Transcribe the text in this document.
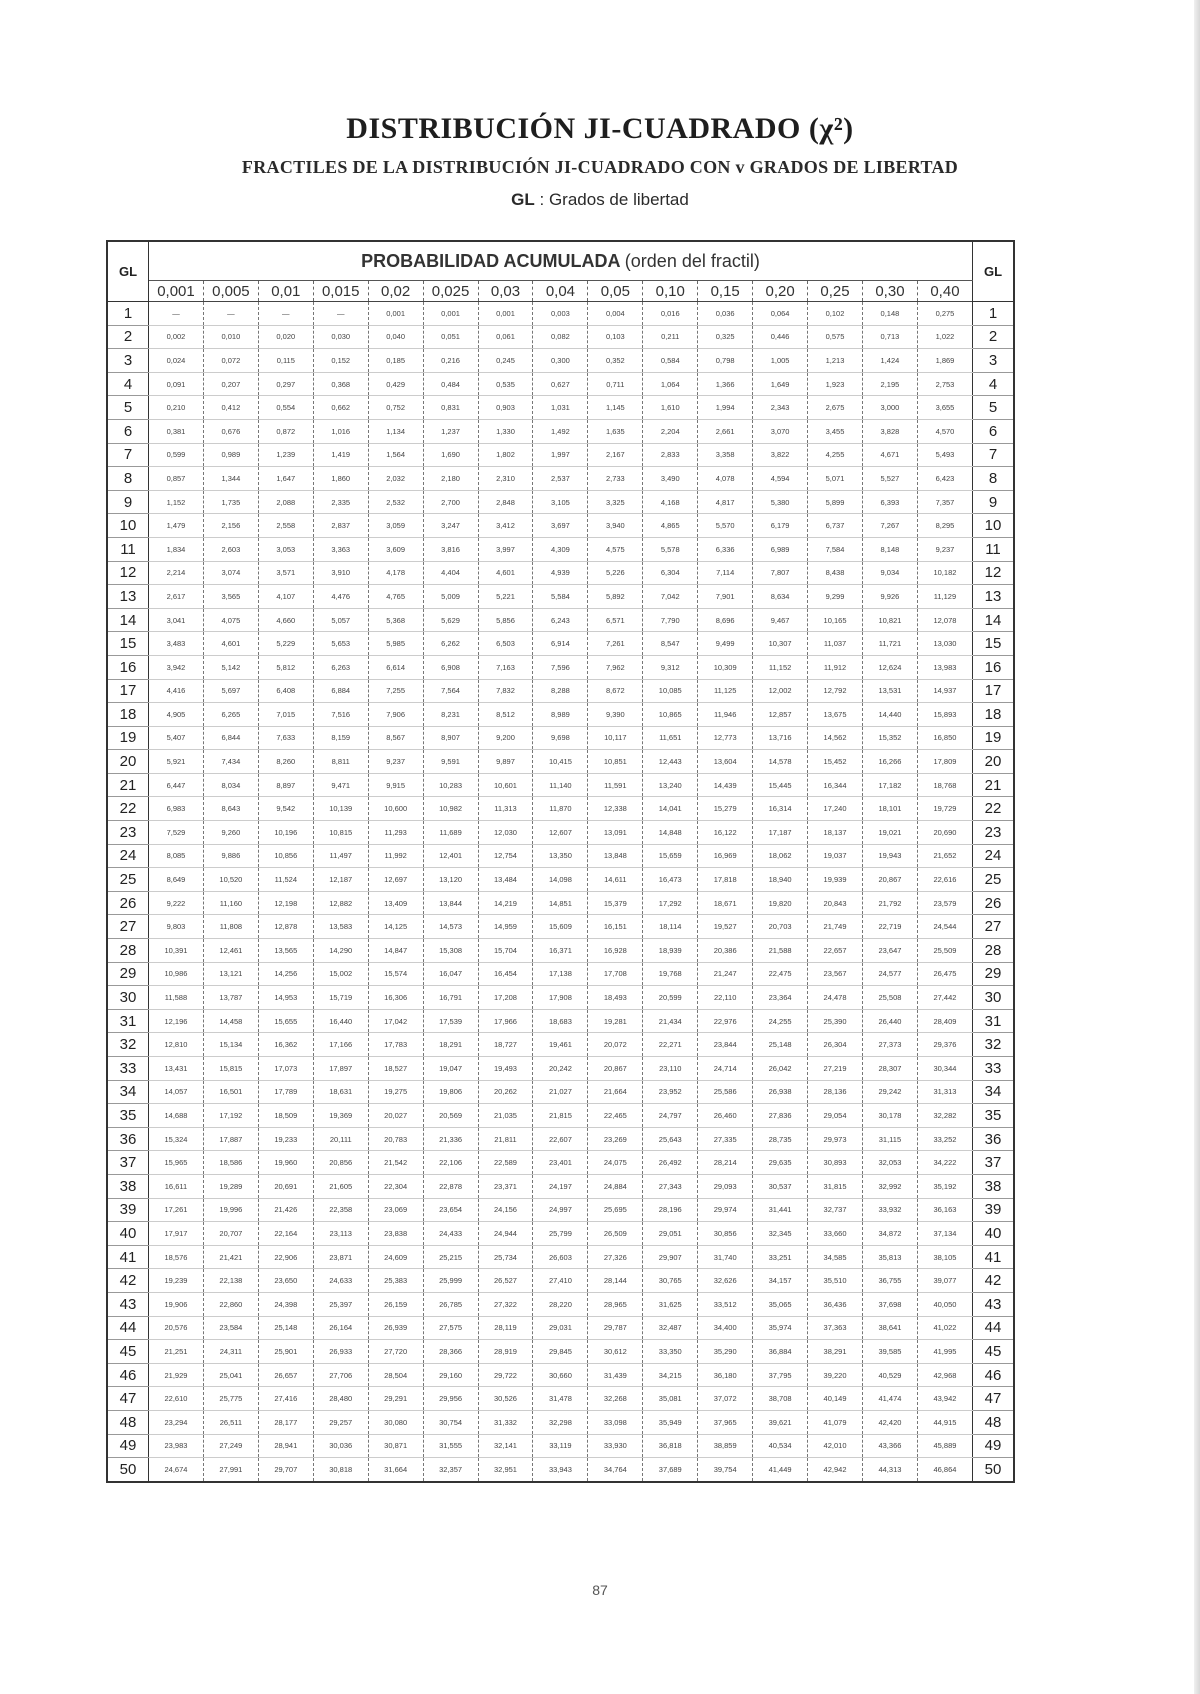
DISTRIBUCIÓN JI-CUADRADO (χ²)
FRACTILES DE LA DISTRIBUCIÓN JI-CUADRADO CON v GRADOS DE LIBERTAD
GL : Grados de libertad
GL	PROBABILIDAD ACUMULADA (orden del fractil)															GL
	0,001	0,005	0,01	0,015	0,02	0,025	0,03	0,04	0,05	0,10	0,15	0,20	0,25	0,30	0,40	
1	—	—	—	—	0,001	0,001	0,001	0,003	0,004	0,016	0,036	0,064	0,102	0,148	0,275	1
2	0,002	0,010	0,020	0,030	0,040	0,051	0,061	0,082	0,103	0,211	0,325	0,446	0,575	0,713	1,022	2
3	0,024	0,072	0,115	0,152	0,185	0,216	0,245	0,300	0,352	0,584	0,798	1,005	1,213	1,424	1,869	3
4	0,091	0,207	0,297	0,368	0,429	0,484	0,535	0,627	0,711	1,064	1,366	1,649	1,923	2,195	2,753	4
5	0,210	0,412	0,554	0,662	0,752	0,831	0,903	1,031	1,145	1,610	1,994	2,343	2,675	3,000	3,655	5
6	0,381	0,676	0,872	1,016	1,134	1,237	1,330	1,492	1,635	2,204	2,661	3,070	3,455	3,828	4,570	6
7	0,599	0,989	1,239	1,419	1,564	1,690	1,802	1,997	2,167	2,833	3,358	3,822	4,255	4,671	5,493	7
8	0,857	1,344	1,647	1,860	2,032	2,180	2,310	2,537	2,733	3,490	4,078	4,594	5,071	5,527	6,423	8
9	1,152	1,735	2,088	2,335	2,532	2,700	2,848	3,105	3,325	4,168	4,817	5,380	5,899	6,393	7,357	9
10	1,479	2,156	2,558	2,837	3,059	3,247	3,412	3,697	3,940	4,865	5,570	6,179	6,737	7,267	8,295	10
11	1,834	2,603	3,053	3,363	3,609	3,816	3,997	4,309	4,575	5,578	6,336	6,989	7,584	8,148	9,237	11
12	2,214	3,074	3,571	3,910	4,178	4,404	4,601	4,939	5,226	6,304	7,114	7,807	8,438	9,034	10,182	12
13	2,617	3,565	4,107	4,476	4,765	5,009	5,221	5,584	5,892	7,042	7,901	8,634	9,299	9,926	11,129	13
14	3,041	4,075	4,660	5,057	5,368	5,629	5,856	6,243	6,571	7,790	8,696	9,467	10,165	10,821	12,078	14
15	3,483	4,601	5,229	5,653	5,985	6,262	6,503	6,914	7,261	8,547	9,499	10,307	11,037	11,721	13,030	15
16	3,942	5,142	5,812	6,263	6,614	6,908	7,163	7,596	7,962	9,312	10,309	11,152	11,912	12,624	13,983	16
17	4,416	5,697	6,408	6,884	7,255	7,564	7,832	8,288	8,672	10,085	11,125	12,002	12,792	13,531	14,937	17
18	4,905	6,265	7,015	7,516	7,906	8,231	8,512	8,989	9,390	10,865	11,946	12,857	13,675	14,440	15,893	18
19	5,407	6,844	7,633	8,159	8,567	8,907	9,200	9,698	10,117	11,651	12,773	13,716	14,562	15,352	16,850	19
20	5,921	7,434	8,260	8,811	9,237	9,591	9,897	10,415	10,851	12,443	13,604	14,578	15,452	16,266	17,809	20
21	6,447	8,034	8,897	9,471	9,915	10,283	10,601	11,140	11,591	13,240	14,439	15,445	16,344	17,182	18,768	21
22	6,983	8,643	9,542	10,139	10,600	10,982	11,313	11,870	12,338	14,041	15,279	16,314	17,240	18,101	19,729	22
23	7,529	9,260	10,196	10,815	11,293	11,689	12,030	12,607	13,091	14,848	16,122	17,187	18,137	19,021	20,690	23
24	8,085	9,886	10,856	11,497	11,992	12,401	12,754	13,350	13,848	15,659	16,969	18,062	19,037	19,943	21,652	24
25	8,649	10,520	11,524	12,187	12,697	13,120	13,484	14,098	14,611	16,473	17,818	18,940	19,939	20,867	22,616	25
26	9,222	11,160	12,198	12,882	13,409	13,844	14,219	14,851	15,379	17,292	18,671	19,820	20,843	21,792	23,579	26
27	9,803	11,808	12,878	13,583	14,125	14,573	14,959	15,609	16,151	18,114	19,527	20,703	21,749	22,719	24,544	27
28	10,391	12,461	13,565	14,290	14,847	15,308	15,704	16,371	16,928	18,939	20,386	21,588	22,657	23,647	25,509	28
29	10,986	13,121	14,256	15,002	15,574	16,047	16,454	17,138	17,708	19,768	21,247	22,475	23,567	24,577	26,475	29
30	11,588	13,787	14,953	15,719	16,306	16,791	17,208	17,908	18,493	20,599	22,110	23,364	24,478	25,508	27,442	30
31	12,196	14,458	15,655	16,440	17,042	17,539	17,966	18,683	19,281	21,434	22,976	24,255	25,390	26,440	28,409	31
32	12,810	15,134	16,362	17,166	17,783	18,291	18,727	19,461	20,072	22,271	23,844	25,148	26,304	27,373	29,376	32
33	13,431	15,815	17,073	17,897	18,527	19,047	19,493	20,242	20,867	23,110	24,714	26,042	27,219	28,307	30,344	33
34	14,057	16,501	17,789	18,631	19,275	19,806	20,262	21,027	21,664	23,952	25,586	26,938	28,136	29,242	31,313	34
35	14,688	17,192	18,509	19,369	20,027	20,569	21,035	21,815	22,465	24,797	26,460	27,836	29,054	30,178	32,282	35
36	15,324	17,887	19,233	20,111	20,783	21,336	21,811	22,607	23,269	25,643	27,335	28,735	29,973	31,115	33,252	36
37	15,965	18,586	19,960	20,856	21,542	22,106	22,589	23,401	24,075	26,492	28,214	29,635	30,893	32,053	34,222	37
38	16,611	19,289	20,691	21,605	22,304	22,878	23,371	24,197	24,884	27,343	29,093	30,537	31,815	32,992	35,192	38
39	17,261	19,996	21,426	22,358	23,069	23,654	24,156	24,997	25,695	28,196	29,974	31,441	32,737	33,932	36,163	39
40	17,917	20,707	22,164	23,113	23,838	24,433	24,944	25,799	26,509	29,051	30,856	32,345	33,660	34,872	37,134	40
41	18,576	21,421	22,906	23,871	24,609	25,215	25,734	26,603	27,326	29,907	31,740	33,251	34,585	35,813	38,105	41
42	19,239	22,138	23,650	24,633	25,383	25,999	26,527	27,410	28,144	30,765	32,626	34,157	35,510	36,755	39,077	42
43	19,906	22,860	24,398	25,397	26,159	26,785	27,322	28,220	28,965	31,625	33,512	35,065	36,436	37,698	40,050	43
44	20,576	23,584	25,148	26,164	26,939	27,575	28,119	29,031	29,787	32,487	34,400	35,974	37,363	38,641	41,022	44
45	21,251	24,311	25,901	26,933	27,720	28,366	28,919	29,845	30,612	33,350	35,290	36,884	38,291	39,585	41,995	45
46	21,929	25,041	26,657	27,706	28,504	29,160	29,722	30,660	31,439	34,215	36,180	37,795	39,220	40,529	42,968	46
47	22,610	25,775	27,416	28,480	29,291	29,956	30,526	31,478	32,268	35,081	37,072	38,708	40,149	41,474	43,942	47
48	23,294	26,511	28,177	29,257	30,080	30,754	31,332	32,298	33,098	35,949	37,965	39,621	41,079	42,420	44,915	48
49	23,983	27,249	28,941	30,036	30,871	31,555	32,141	33,119	33,930	36,818	38,859	40,534	42,010	43,366	45,889	49
50	24,674	27,991	29,707	30,818	31,664	32,357	32,951	33,943	34,764	37,689	39,754	41,449	42,942	44,313	46,864	50
87
